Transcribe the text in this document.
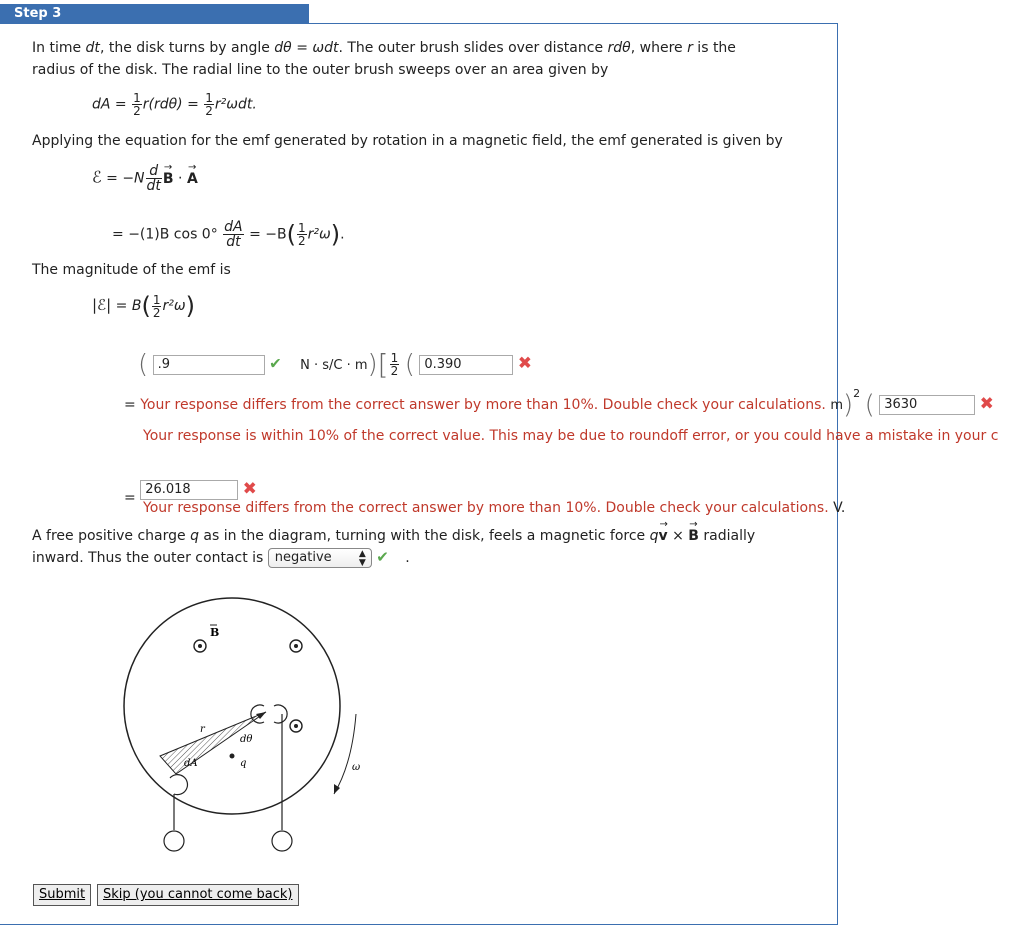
Step 3
In time dt, the disk turns by angle dθ = ωdt. The outer brush slides over distance rdθ, where r is the
radius of the disk. The radial line to the outer brush sweeps over an area given by
dA = $\frac{1}{2} r(rd\theta) = \frac{1}{2} r^2\omega dt$.
Applying the equation for the emf generated by rotation in a magnetic field, the emf generated is given by
ℰ = $-N \frac{d}{dt}$
→ B · → A
= −(1)B $\cos 0^\circ \frac{dA}{dt} = -B( \frac{1}{2} r^2\omega)$.
The magnitude of the emf is
|ℰ| = $B( \frac{1}{2} r^2\omega)$
( .9	✔ $N \cdot s/C \cdot m)[ \frac{1}{2}$ ( 0.390	✖
= Your response differs from the correct answer by more than 10%. Double check your calculations. m)$^2$ ( 3630	✖
Your response is within 10% of the correct value. This may be due to roundoff error, or you could have a mistake in your c
= 26.018	✖
Your response differs from the correct answer by more than 10%. Double check your calculations. V.
A free positive charge q as in the diagram, turning with the disk, feels a magnetic force q→ v × → B radially
inward. Thus the outer contact is negative	▲
▼ ✔ .
B
r
dθ
dA	q	ω
Submit	Skip (you cannot come back)
